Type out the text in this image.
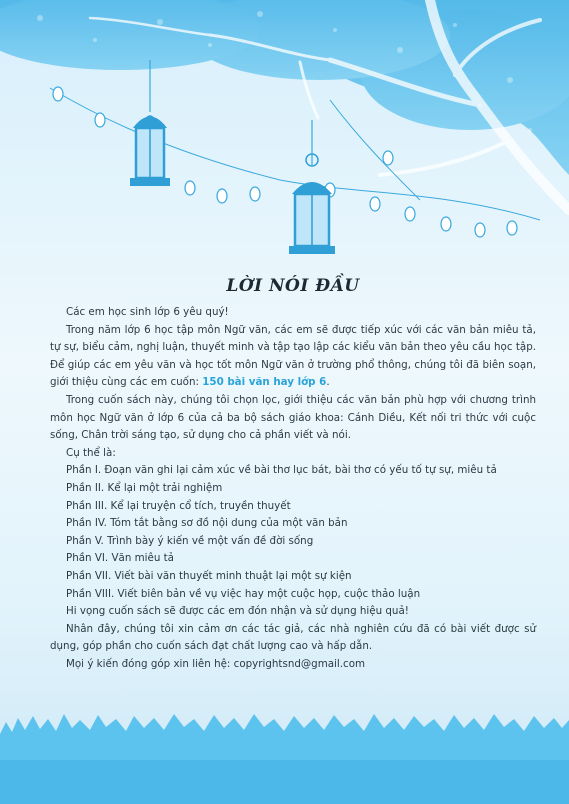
LỜI NÓI ĐẦU

Các em học sinh lớp 6 yêu quý!

Trong năm lớp 6 học tập môn Ngữ văn, các em sẽ được tiếp xúc với các văn bản miêu tả, tự sự, biểu cảm, nghị luận, thuyết minh và tập tạo lập các kiểu văn bản theo yêu cầu học tập. Để giúp các em yêu văn và học tốt môn Ngữ văn ở trường phổ thông, chúng tôi đã biên soạn, giới thiệu cùng các em cuốn: 150 bài văn hay lớp 6.

Trong cuốn sách này, chúng tôi chọn lọc, giới thiệu các văn bản phù hợp với chương trình môn học Ngữ văn ở lớp 6 của cả ba bộ sách giáo khoa: Cánh Diều, Kết nối tri thức với cuộc sống, Chân trời sáng tạo, sử dụng cho cả phần viết và nói.

Cụ thể là:

Phần I. Đoạn văn ghi lại cảm xúc về bài thơ lục bát, bài thơ có yếu tố tự sự, miêu tả

Phần II. Kể lại một trải nghiệm

Phần III. Kể lại truyện cổ tích, truyền thuyết

Phần IV. Tóm tắt bằng sơ đồ nội dung của một văn bản

Phần V. Trình bày ý kiến về một vấn đề đời sống

Phần VI. Văn miêu tả

Phần VII. Viết bài văn thuyết minh thuật lại một sự kiện

Phần VIII. Viết biên bản về vụ việc hay một cuộc họp, cuộc thảo luận

Hi vọng cuốn sách sẽ được các em đón nhận và sử dụng hiệu quả!

Nhân đây, chúng tôi xin cảm ơn các tác giả, các nhà nghiên cứu đã có bài viết được sử dụng, góp phần cho cuốn sách đạt chất lượng cao và hấp dẫn.

Mọi ý kiến đóng góp xin liên hệ: copyrightsnd@gmail.com
